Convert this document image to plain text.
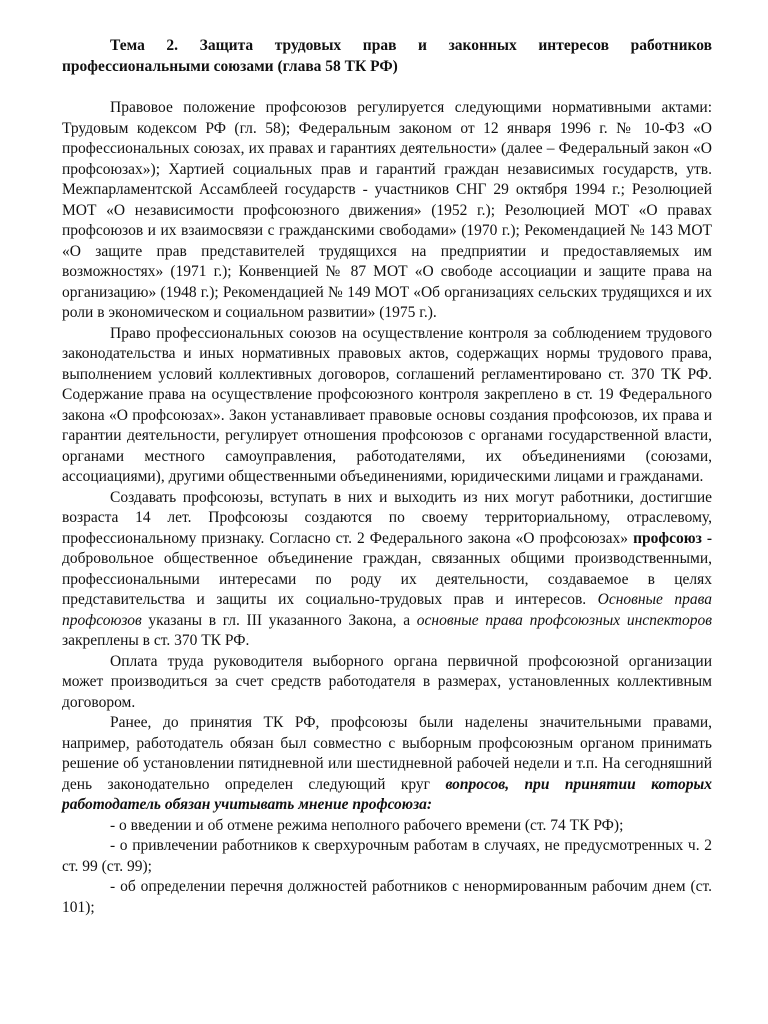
Тема 2. Защита трудовых прав и законных интересов работников профессиональными союзами (глава 58 ТК РФ)

Правовое положение профсоюзов регулируется следующими нормативными актами: Трудовым кодексом РФ (гл. 58); Федеральным законом от 12 января 1996 г. № 10-ФЗ «О профессиональных союзах, их правах и гарантиях деятельности» (далее – Федеральный закон «О профсоюзах»); Хартией социальных прав и гарантий граждан независимых государств, утв. Межпарламентской Ассамблеей государств - участников СНГ 29 октября 1994 г.; Резолюцией МОТ «О независимости профсоюзного движения» (1952 г.); Резолюцией МОТ «О правах профсоюзов и их взаимосвязи с гражданскими свободами» (1970 г.); Рекомендацией № 143 МОТ «О защите прав представителей трудящихся на предприятии и предоставляемых им возможностях» (1971 г.); Конвенцией № 87 МОТ «О свободе ассоциации и защите права на организацию» (1948 г.); Рекомендацией № 149 МОТ «Об организациях сельских трудящихся и их роли в экономическом и социальном развитии» (1975 г.).

Право профессиональных союзов на осуществление контроля за соблюдением трудового законодательства и иных нормативных правовых актов, содержащих нормы трудового права, выполнением условий коллективных договоров, соглашений регламентировано ст. 370 ТК РФ. Содержание права на осуществление профсоюзного контроля закреплено в ст. 19 Федерального закона «О профсоюзах». Закон устанавливает правовые основы создания профсоюзов, их права и гарантии деятельности, регулирует отношения профсоюзов с органами государственной власти, органами местного самоуправления, работодателями, их объединениями (союзами, ассоциациями), другими общественными объединениями, юридическими лицами и гражданами.

Создавать профсоюзы, вступать в них и выходить из них могут работники, достигшие возраста 14 лет. Профсоюзы создаются по своему территориальному, отраслевому, профессиональному признаку. Согласно ст. 2 Федерального закона «О профсоюзах» профсоюз - добровольное общественное объединение граждан, связанных общими производственными, профессиональными интересами по роду их деятельности, создаваемое в целях представительства и защиты их социально-трудовых прав и интересов. Основные права профсоюзов указаны в гл. III указанного Закона, а основные права профсоюзных инспекторов закреплены в ст. 370 ТК РФ.

Оплата труда руководителя выборного органа первичной профсоюзной организации может производиться за счет средств работодателя в размерах, установленных коллективным договором.

Ранее, до принятия ТК РФ, профсоюзы были наделены значительными правами, например, работодатель обязан был совместно с выборным профсоюзным органом принимать решение об установлении пятидневной или шестидневной рабочей недели и т.п. На сегодняшний день законодательно определен следующий круг вопросов, при принятии которых работодатель обязан учитывать мнение профсоюза:

- о введении и об отмене режима неполного рабочего времени (ст. 74 ТК РФ);

- о привлечении работников к сверхурочным работам в случаях, не предусмотренных ч. 2 ст. 99 (ст. 99);

- об определении перечня должностей работников с ненормированным рабочим днем (ст. 101);
